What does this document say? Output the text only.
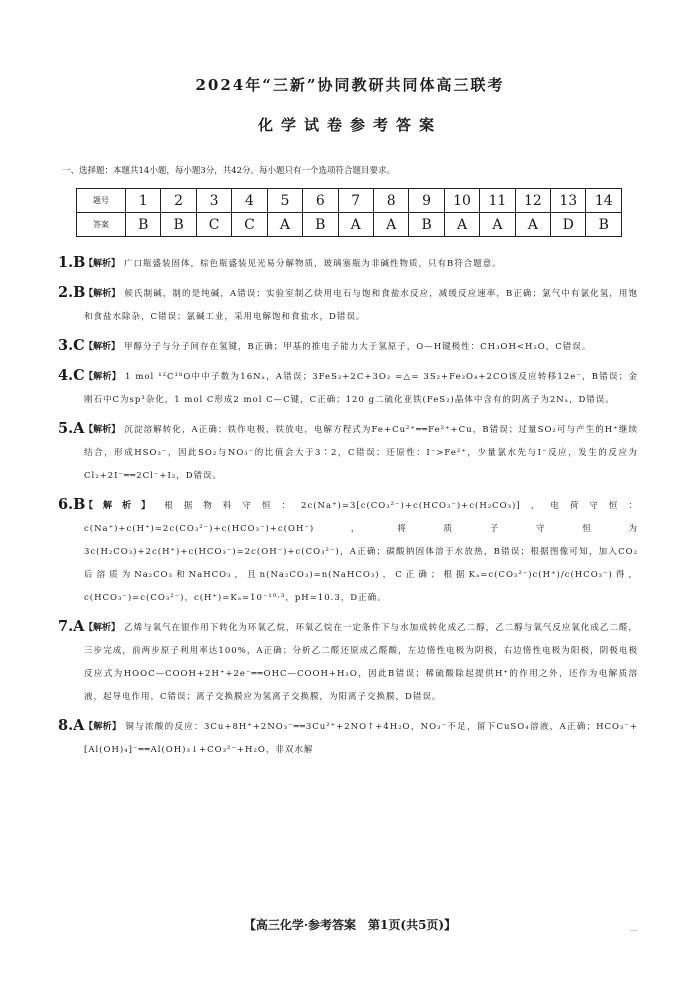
2024年“三新”协同教研共同体高三联考
化学试卷参考答案
一、选择题：本题共14小题，每小题3分，共42分。每小题只有一个选项符合题目要求。
题号	1	2	3	4	5	6	7	8	9	10	11	12	13	14
答案	B	B	C	C	A	B	A	A	B	A	A	A	D	B
1.B
【解析】 广口瓶盛装固体，棕色瓶盛装见光易分解物质，玻璃塞瓶为非碱性物质，只有B符合题意。
2.B
【解析】 候氏制碱，制的是纯碱，A错误；实验室制乙炔用电石与饱和食盐水反应，减缓反应速率，B正确；氯气中有氯化氢，用饱和食盐水除杂，C错误；氯碱工业，采用电解饱和食盐水，D错误。
3.C 【解析】 甲醇分子与分子间存在氢键，B正确；甲基的推电子能力大于氢原子，O—H键极性：CH₃OH<H₂O，C错误。
4.C 【解析】 1 mol ¹²C¹⁸O中中子数为16Nₐ，A错误；3FeS₂+2C+3O₂ =△= 3S₂+Fe₃O₄+2CO该反应转移12e⁻，B错误；金刚石中C为sp³杂化，1 mol C形成2 mol C—C键，C正确；120 g二硫化亚铁(FeS₂)晶体中含有的阴离子为2Nₐ，D错误。
5.A 【解析】 沉淀溶解转化，A正确；铁作电极，铁放电，电解方程式为Fe+Cu²⁺══Fe²⁺+Cu，B错误；过量SO₂可与产生的H⁺继续结合，形成HSO₃⁻，因此SO₂与NO₃⁻的比值会大于3∶2，C错误；还原性：I⁻>Fe²⁺，少量氯水先与I⁻反应，发生的反应为Cl₂+2I⁻══2Cl⁻+I₂，D错误。
6.B
【解析】 根据物料守恒：2c(Na⁺)=3[c(CO₃²⁻)+c(HCO₃⁻)+c(H₂CO₃)]，电荷守恒：c(Na⁺)+c(H⁺)=2c(CO₃²⁻)+c(HCO₃⁻)+c(OH⁻)，将质子守恒为3c(H₂CO₃)+2c(H⁺)+c(HCO₃⁻)=2c(OH⁻)+c(CO₃²⁻)，A正确；碳酸钠固体溶于水放热，B错误；根据图像可知，加入CO₂后溶质为Na₂CO₃和NaHCO₃，且n(Na₂CO₃)=n(NaHCO₃)，C正确；根据Kₐ=c(CO₃²⁻)c(H⁺)/c(HCO₃⁻)得，c(HCO₃⁻)=c(CO₃²⁻)，c(H⁺)=Kₐ=10⁻¹⁰·³，pH=10.3，D正确。
7.A 【解析】 乙烯与氧气在银作用下转化为环氧乙烷，环氧乙烷在一定条件下与水加成转化成乙二醇，乙二醇与氧气反应氧化成乙二醛，三步完成，前两步原子利用率达100%，A正确；分析乙二醛还原成乙醛酸，左边惰性电极为阴极，右边惰性电极为阳极，阴极电极反应式为HOOC—COOH+2H⁺+2e⁻══OHC—COOH+H₂O，因此B错误；稀硫酸除起提供H⁺的作用之外，还作为电解质溶液，起导电作用，C错误；离子交换膜应为氢离子交换膜，为阳离子交换膜，D错误。
8.A 【解析】 铜与浓酸的反应：3Cu+8H⁺+2NO₃⁻══3Cu²⁺+2NO↑+4H₂O，NO₃⁻不足，留下CuSO₄溶液，A正确；HCO₃⁻+[Al(OH)₄]⁻══Al(OH)₃↓+CO₃²⁻+H₂O，非双水解
【高三化学·参考答案　第1页(共5页)】	—
